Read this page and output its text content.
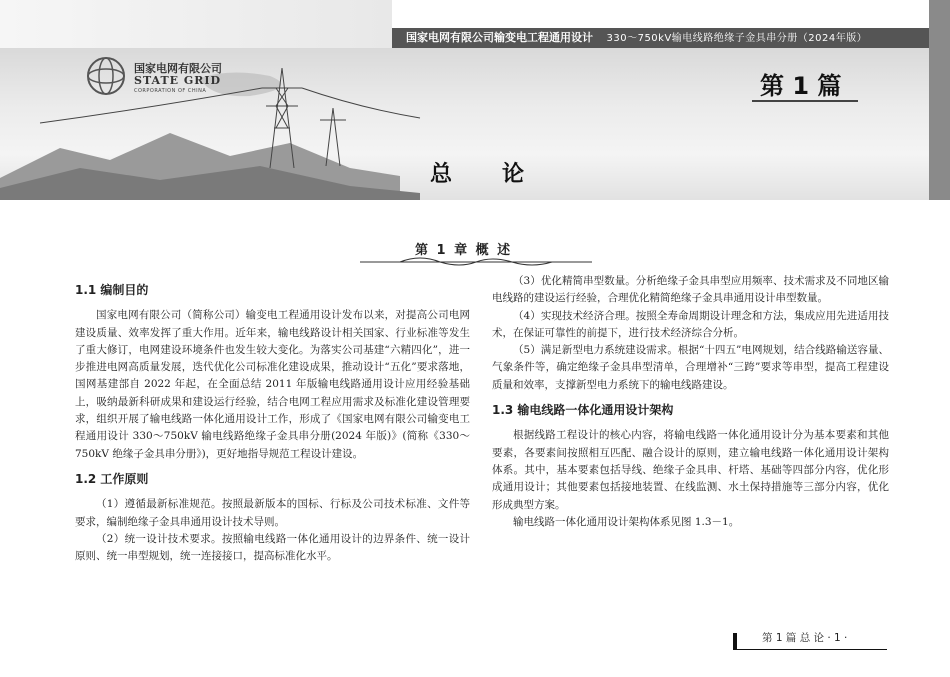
国家电网有限公司输变电工程通用设计 330～750kV输电线路绝缘子金具串分册（2024年版）
国家电网有限公司
STATE GRID
CORPORATION OF CHINA	第 1 篇
总论
第 1 章 概 述
1.1 编制目的

国家电网有限公司（简称公司）输变电工程通用设计发布以来，对提高公司电网建设质量、效率发挥了重大作用。近年来，输电线路设计相关国家、行业标准等发生了重大修订，电网建设环境条件也发生较大变化。为落实公司基建“六精四化”，进一步推进电网高质量发展，迭代优化公司标准化建设成果，推动设计“五化”要求落地，国网基建部自 2022 年起，在全面总结 2011 年版输电线路通用设计应用经验基础上，吸纳最新科研成果和建设运行经验，结合电网工程应用需求及标准化建设管理要求，组织开展了输电线路一体化通用设计工作，形成了《国家电网有限公司输变电工程通用设计 330～750kV 输电线路绝缘子金具串分册(2024 年版)》(简称《330～750kV 绝缘子金具串分册》)，更好地指导规范工程设计建设。

1.2 工作原则

（1）遵循最新标准规范。按照最新版本的国标、行标及公司技术标准、文件等要求，编制绝缘子金具串通用设计技术导则。

（2）统一设计技术要求。按照输电线路一体化通用设计的边界条件、统一设计原则、统一串型规划，统一连接接口，提高标准化水平。

（3）优化精简串型数量。分析绝缘子金具串型应用频率、技术需求及不同地区输电线路的建设运行经验，合理优化精简绝缘子金具串通用设计串型数量。

（4）实现技术经济合理。按照全寿命周期设计理念和方法，集成应用先进适用技术，在保证可靠性的前提下，进行技术经济综合分析。

（5）满足新型电力系统建设需求。根据“十四五”电网规划，结合线路输送容量、气象条件等，确定绝缘子金具串型清单，合理增补“三跨”要求等串型，提高工程建设质量和效率，支撑新型电力系统下的输电线路建设。

1.3 输电线路一体化通用设计架构

根据线路工程设计的核心内容，将输电线路一体化通用设计分为基本要素和其他要素，各要素间按照相互匹配、融合设计的原则，建立输电线路一体化通用设计架构体系。其中，基本要素包括导线、绝缘子金具串、杆塔、基础等四部分内容，优化形成通用设计；其他要素包括接地装置、在线监测、水土保持措施等三部分内容，优化形成典型方案。

输电线路一体化通用设计架构体系见图 1.3－1。

第 1 篇 总 论 · 1 ·
